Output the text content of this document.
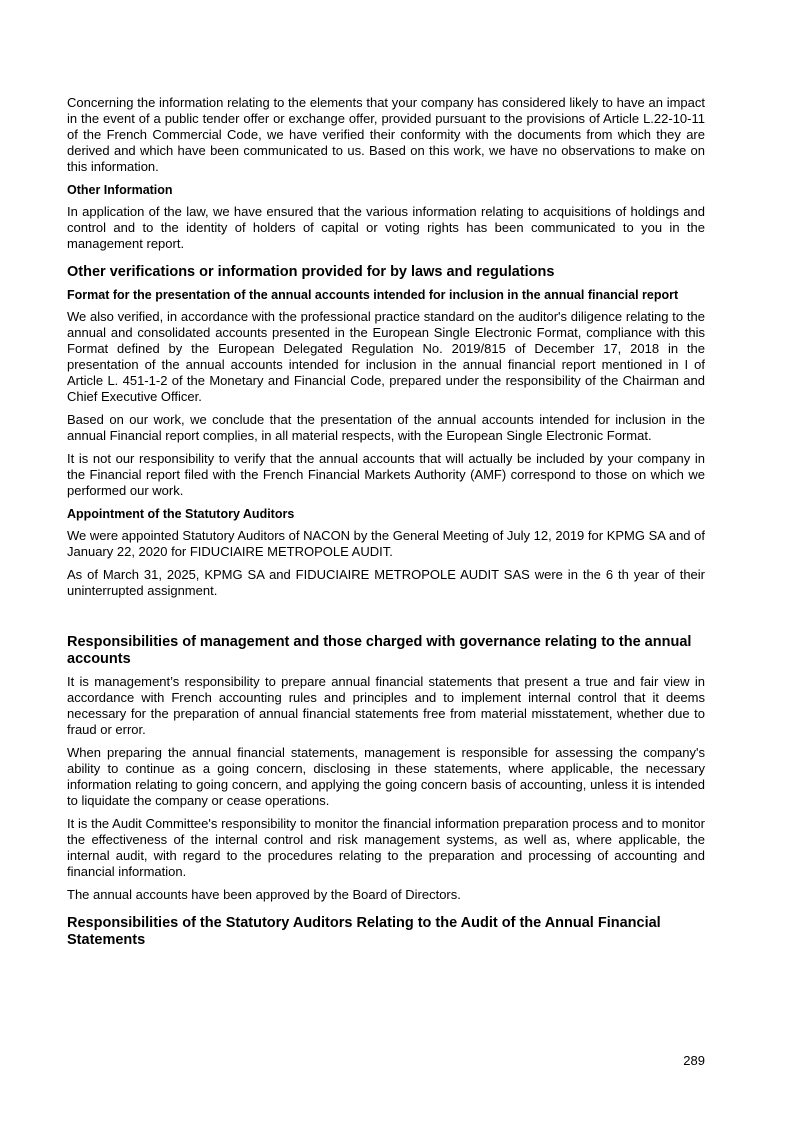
Concerning the information relating to the elements that your company has considered likely to have an impact in the event of a public tender offer or exchange offer, provided pursuant to the provisions of Article L.22-10-11 of the French Commercial Code, we have verified their conformity with the documents from which they are derived and which have been communicated to us. Based on this work, we have no observations to make on this information.

Other Information

In application of the law, we have ensured that the various information relating to acquisitions of holdings and control and to the identity of holders of capital or voting rights has been communicated to you in the management report.

Other verifications or information provided for by laws and regulations
Format for the presentation of the annual accounts intended for inclusion in the annual financial report

We also verified, in accordance with the professional practice standard on the auditor's diligence relating to the annual and consolidated accounts presented in the European Single Electronic Format, compliance with this Format defined by the European Delegated Regulation No. 2019/815 of December 17, 2018 in the presentation of the annual accounts intended for inclusion in the annual financial report mentioned in I of Article L. 451-1-2 of the Monetary and Financial Code, prepared under the responsibility of the Chairman and Chief Executive Officer.

Based on our work, we conclude that the presentation of the annual accounts intended for inclusion in the annual Financial report complies, in all material respects, with the European Single Electronic Format.

It is not our responsibility to verify that the annual accounts that will actually be included by your company in the Financial report filed with the French Financial Markets Authority (AMF) correspond to those on which we performed our work.

Appointment of the Statutory Auditors

We were appointed Statutory Auditors of NACON by the General Meeting of July 12, 2019 for KPMG SA and of January 22, 2020 for FIDUCIAIRE METROPOLE AUDIT.

As of March 31, 2025, KPMG SA and FIDUCIAIRE METROPOLE AUDIT SAS were in the 6 th year of their uninterrupted assignment.

Responsibilities of management and those charged with governance relating to the annual accounts

It is management’s responsibility to prepare annual financial statements that present a true and fair view in accordance with French accounting rules and principles and to implement internal control that it deems necessary for the preparation of annual financial statements free from material misstatement, whether due to fraud or error.

When preparing the annual financial statements, management is responsible for assessing the company's ability to continue as a going concern, disclosing in these statements, where applicable, the necessary information relating to going concern, and applying the going concern basis of accounting, unless it is intended to liquidate the company or cease operations.

It is the Audit Committee's responsibility to monitor the financial information preparation process and to monitor the effectiveness of the internal control and risk management systems, as well as, where applicable, the internal audit, with regard to the procedures relating to the preparation and processing of accounting and financial information.

The annual accounts have been approved by the Board of Directors.

Responsibilities of the Statutory Auditors Relating to the Audit of the Annual Financial Statements
289
